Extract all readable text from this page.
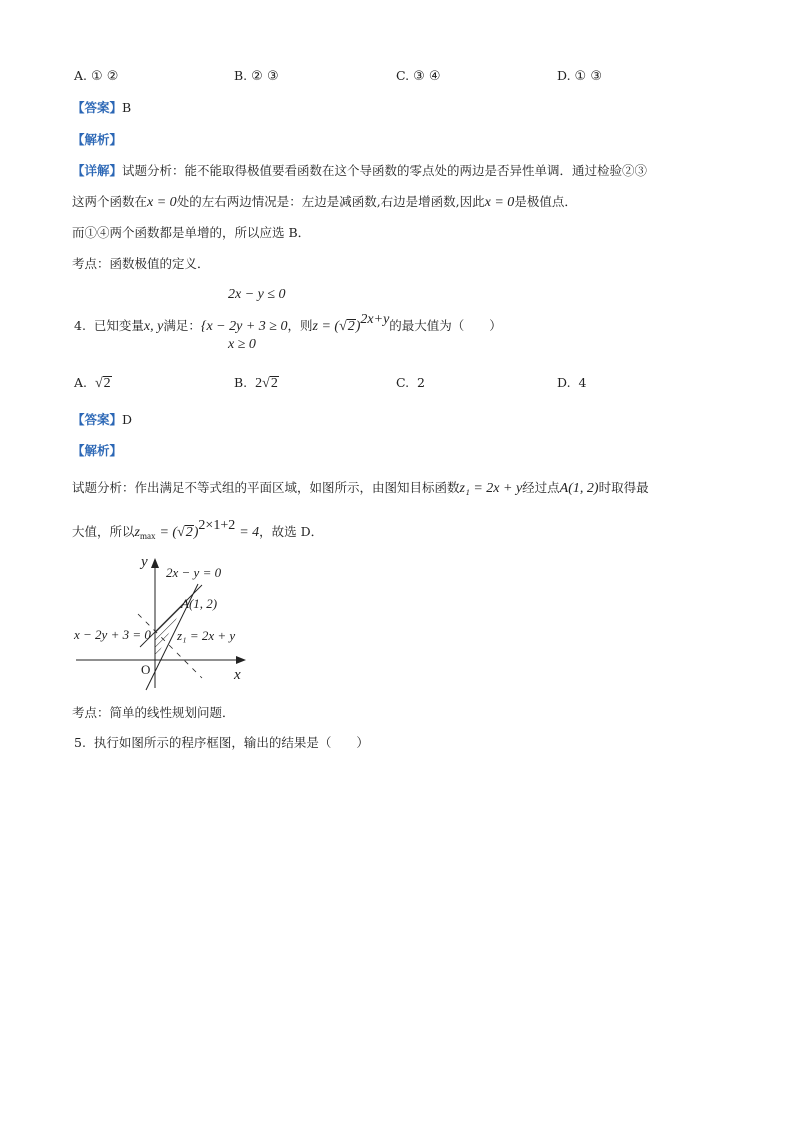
A. ① ②	B. ② ③	C. ③ ④	D. ① ③
【答案】B
【解析】
【详解】试题分析：能不能取得极值要看函数在这个导函数的零点处的两边是否异性单调．通过检验②③
这两个函数在x = 0处的左右两边情况是：左边是减函数,右边是增函数,因此x = 0是极值点．
而①④两个函数都是单增的，所以应选 B．
考点：函数极值的定义．
2x − y ≤ 0
4. 已知变量x, y满足：{x − 2y + 3 ≥ 0，则$z = (√2)^{2x+y}$的最大值为（　　）
x ≥ 0
A. √2	B. 2√2	C. 2	D. 4
【答案】D
【解析】
试题分析：作出满足不等式组的平面区域，如图所示，由图知目标函数z₁ = 2x + y经过点A(1, 2)时取得最
大值，所以$z_{max} = (√2)^{2\times 1+2} = 4$，故选 D．
y
x
O
2x − y = 0
A(1, 2)
x − 2y + 3 = 0 z₁ = 2x + y
考点：简单的线性规划问题．
5. 执行如图所示的程序框图，输出的结果是（　　）
